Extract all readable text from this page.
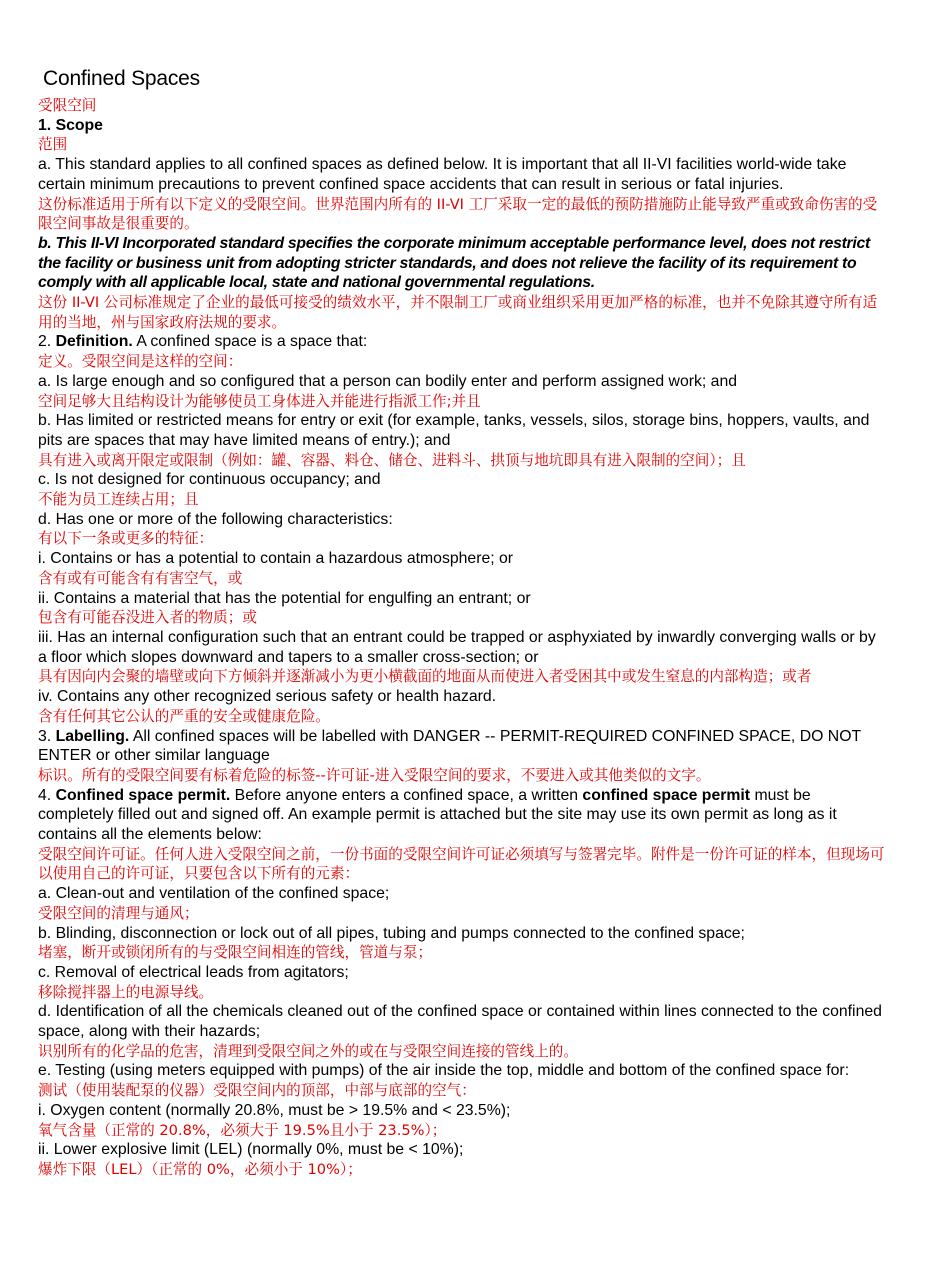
Confined Spaces
受限空间
1. Scope
范围
a. This standard applies to all confined spaces as defined below. It is important that all II-VI facilities world-wide take certain minimum precautions to prevent confined space accidents that can result in serious or fatal injuries.
这份标准适用于所有以下定义的受限空间。世界范围内所有的 II-VI 工厂采取一定的最低的预防措施防止能导致严重或致命伤害的受限空间事故是很重要的。
b. This II-VI Incorporated standard specifies the corporate minimum acceptable performance level, does not restrict the facility or business unit from adopting stricter standards, and does not relieve the facility of its requirement to comply with all applicable local, state and national governmental regulations.
这份 II-VI 公司标准规定了企业的最低可接受的绩效水平，并不限制工厂或商业组织采用更加严格的标准，也并不免除其遵守所有适用的当地，州与国家政府法规的要求。
2. Definition. A confined space is a space that:
定义。受限空间是这样的空间：
a. Is large enough and so configured that a person can bodily enter and perform assigned work; and
空间足够大且结构设计为能够使员工身体进入并能进行指派工作;并且
b. Has limited or restricted means for entry or exit (for example, tanks, vessels, silos, storage bins, hoppers, vaults, and pits are spaces that may have limited means of entry.); and
具有进入或离开限定或限制（例如：罐、容器、料仓、储仓、进料斗、拱顶与地坑即具有进入限制的空间）；且
c. Is not designed for continuous occupancy; and
不能为员工连续占用；且
d. Has one or more of the following characteristics:
有以下一条或更多的特征：
i. Contains or has a potential to contain a hazardous atmosphere; or
含有或有可能含有有害空气，或
ii. Contains a material that has the potential for engulfing an entrant; or
包含有可能吞没进入者的物质；或
iii. Has an internal configuration such that an entrant could be trapped or asphyxiated by inwardly converging walls or by a floor which slopes downward and tapers to a smaller cross-section; or
具有因向内会聚的墙壁或向下方倾斜并逐渐减小为更小横截面的地面从而使进入者受困其中或发生窒息的内部构造；或者
iv. Contains any other recognized serious safety or health hazard.
含有任何其它公认的严重的安全或健康危险。
3. Labelling. All confined spaces will be labelled with DANGER -- PERMIT-REQUIRED CONFINED SPACE, DO NOT ENTER or other similar language
标识。所有的受限空间要有标着危险的标签--许可证-进入受限空间的要求，不要进入或其他类似的文字。
4. Confined space permit. Before anyone enters a confined space, a written confined space permit must be completely filled out and signed off. An example permit is attached but the site may use its own permit as long as it contains all the elements below:
受限空间许可证。任何人进入受限空间之前，一份书面的受限空间许可证必须填写与签署完毕。附件是一份许可证的样本，但现场可以使用自己的许可证，只要包含以下所有的元素：
a. Clean-out and ventilation of the confined space;
受限空间的清理与通风；
b. Blinding, disconnection or lock out of all pipes, tubing and pumps connected to the confined space;
堵塞，断开或锁闭所有的与受限空间相连的管线，管道与泵；
c. Removal of electrical leads from agitators;
移除搅拌器上的电源导线。
d. Identification of all the chemicals cleaned out of the confined space or contained within lines connected to the confined space, along with their hazards;
识别所有的化学品的危害，清理到受限空间之外的或在与受限空间连接的管线上的。
e. Testing (using meters equipped with pumps) of the air inside the top, middle and bottom of the confined space for:
测试（使用装配泵的仪器）受限空间内的顶部，中部与底部的空气：
i. Oxygen content (normally 20.8%, must be > 19.5% and < 23.5%);
氧气含量（正常的 20.8%，必须大于 19.5%且小于 23.5%）；
ii. Lower explosive limit (LEL) (normally 0%, must be < 10%);
爆炸下限（LEL）（正常的 0%，必须小于 10%）；
